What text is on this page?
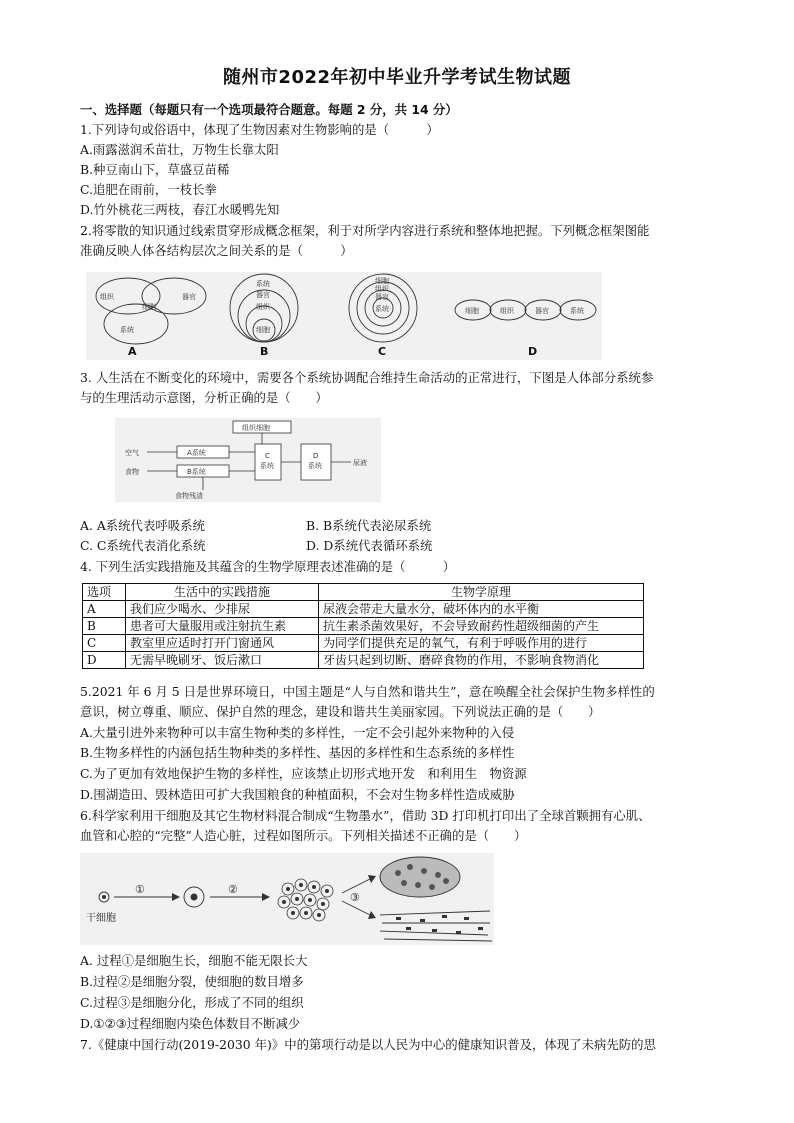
随州市2022年初中毕业升学考试生物试题
一、选择题（每题只有一个选项最符合题意。每题 2 分，共 14 分）
1.下列诗句或俗语中，体现了生物因素对生物影响的是（　　　）
A.雨露滋润禾苗壮，万物生长靠太阳
B.种豆南山下，草盛豆苗稀
C.追肥在雨前，一枝长拳
D.竹外桃花三两枝，春江水暖鸭先知
2.将零散的知识通过线索贯穿形成概念框架，利于对所学内容进行系统和整体地把握。下列概念框架图能
准确反映人体各结构层次之间关系的是（　　　）
组织	器官
细胞
系统
A
系统
器官
组织
细胞
B
细胞
组织
器官
系统
C
细胞	组织	器官	系统
D
3. 人生活在不断变化的环境中，需要各个系统协调配合维持生命活动的正常进行，下图是人体部分系统参
与的生理活动示意图，分析正确的是（　　）
组织细胞
空气
食物
A系统
B系统
食物残渣
C
系统
D
系统	尿液
A. A系统代表呼吸系统	B. B系统代表泌尿系统
C. C系统代表消化系统	D. D系统代表循环系统
4. 下列生活实践措施及其蕴含的生物学原理表述准确的是（　　　）
选项	生活中的实践措施	生物学原理
A	我们应少喝水、少排尿	尿液会带走大量水分，破坏体内的水平衡
B	患者可大量服用或注射抗生素	抗生素杀菌效果好，不会导致耐药性超级细菌的产生
C	教室里应适时打开门窗通风	为同学们提供充足的氧气，有利于呼吸作用的进行
D	无需早晚刷牙、饭后漱口	牙齿只起到切断、磨碎食物的作用，不影响食物消化
5.2021 年 6 月 5 日是世界环境日，中国主题是“人与自然和谐共生”，意在唤醒全社会保护生物多样性的
意识，树立尊重、顺应、保护自然的理念，建设和谐共生美丽家园。下列说法正确的是（　　）
A.大量引进外来物种可以丰富生物种类的多样性，一定不会引起外来物种的入侵
B.生物多样性的内涵包括生物种类的多样性、基因的多样性和生态系统的多样性
C.为了更加有效地保护生物的多样性，应该禁止切形式地开发　和利用生　物资源
D.围湖造田、毁林造田可扩大我国粮食的种植面积，不会对生物多样性造成威胁
6.科学家利用干细胞及其它生物材料混合制成“生物墨水”，借助 3D 打印机打印出了全球首颗拥有心肌、
血管和心腔的“完整”人造心脏，过程如图所示。下列相关描述不正确的是（　　）
干细胞
①	②
③
A. 过程①是细胞生长，细胞不能无限长大
B.过程②是细胞分裂，使细胞的数目增多
C.过程③是细胞分化，形成了不同的组织
D.①②③过程细胞内染色体数目不断减少
7.《健康中国行动(2019-2030 年)》中的第项行动是以人民为中心的健康知识普及，体现了未病先防的思
